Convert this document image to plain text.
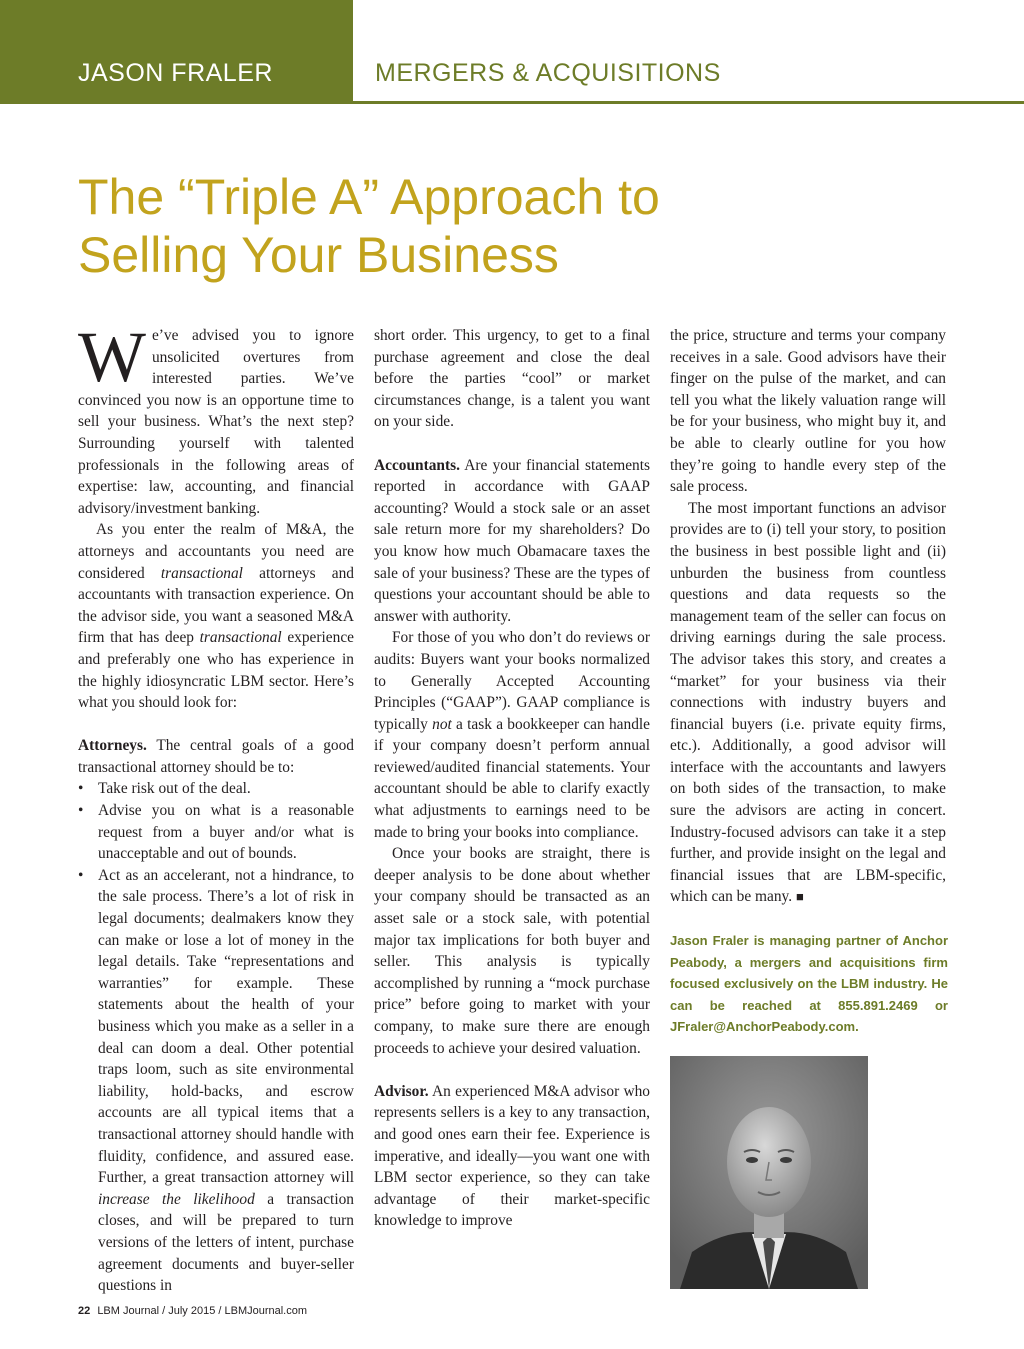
JASON FRALER	MERGERS & ACQUISITIONS
The “Triple A” Approach to
Selling Your Business

We’ve advised you to ignore unsolicited overtures from interested parties. We’ve convinced you now is an opportune time to sell your business. What’s the next step? Surrounding yourself with talented professionals in the following areas of expertise: law, accounting, and financial advisory/investment banking.

As you enter the realm of M&A, the attorneys and accountants you need are considered transactional attorneys and accountants with transaction experience. On the advisor side, you want a seasoned M&A firm that has deep transactional experience and preferably one who has experience in the highly idiosyncratic LBM sector. Here’s what you should look for:

Attorneys. The central goals of a good transactional attorney should be to:

• Take risk out of the deal.
• Advise you on what is a reasonable request from a buyer and/or what is unacceptable and out of bounds.
• Act as an accelerant, not a hindrance, to the sale process. There’s a lot of risk in legal documents; dealmakers know they can make or lose a lot of money in the legal details. Take “representations and warranties” for example. These statements about the health of your business which you make as a seller in a deal can doom a deal. Other potential traps loom, such as site environmental liability, hold-backs, and escrow accounts are all typical items that a transactional attorney should handle with fluidity, confidence, and assured ease. Further, a great transaction attorney will increase the likelihood a transaction closes, and will be prepared to turn versions of the letters of intent, purchase agreement documents and buyer-seller questions in

short order. This urgency, to get to a final purchase agreement and close the deal before the parties “cool” or market circumstances change, is a talent you want on your side.

Accountants. Are your financial statements reported in accordance with GAAP accounting? Would a stock sale or an asset sale return more for my shareholders? Do you know how much Obamacare taxes the sale of your business? These are the types of questions your accountant should be able to answer with authority.

For those of you who don’t do reviews or audits: Buyers want your books normalized to Generally Accepted Accounting Principles (“GAAP”). GAAP compliance is typically not a task a bookkeeper can handle if your company doesn’t perform annual reviewed/audited financial statements. Your accountant should be able to clarify exactly what adjustments to earnings need to be made to bring your books into compliance.

Once your books are straight, there is deeper analysis to be done about whether your company should be transacted as an asset sale or a stock sale, with potential major tax implications for both buyer and seller. This analysis is typically accomplished by running a “mock purchase price” before going to market with your company, to make sure there are enough proceeds to achieve your desired valuation.

Advisor. An experienced M&A advisor who represents sellers is a key to any transaction, and good ones earn their fee. Experience is imperative, and ideally—you want one with LBM sector experience, so they can take advantage of their market-specific knowledge to improve

the price, structure and terms your company receives in a sale. Good advisors have their finger on the pulse of the market, and can tell you what the likely valuation range will be for your business, who might buy it, and be able to clearly outline for you how they’re going to handle every step of the sale process.

The most important functions an advisor provides are to (i) tell your story, to position the business in best possible light and (ii) unburden the business from countless questions and data requests so the management team of the seller can focus on driving earnings during the sale process. The advisor takes this story, and creates a “market” for your business via their connections with industry buyers and financial buyers (i.e. private equity firms, etc.). Additionally, a good advisor will interface with the accountants and lawyers on both sides of the transaction, to make sure the advisors are acting in concert. Industry-focused advisors can take it a step further, and provide insight on the legal and financial issues that are LBM-specific, which can be many. ■

Jason Fraler is managing partner of Anchor Peabody, a mergers and acquisitions firm focused exclusively on the LBM industry. He can be reached at 855.891.2469 or JFraler@AnchorPeabody.com.
22 LBM Journal / July 2015 / LBMJournal.com
